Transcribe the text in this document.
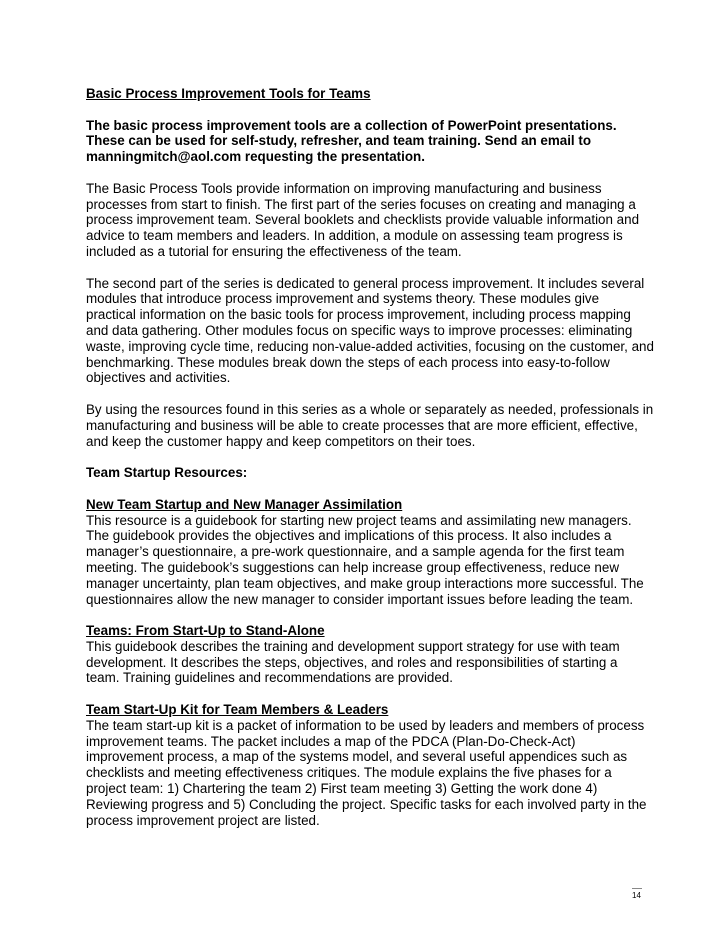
Basic Process Improvement Tools for Teams

The basic process improvement tools are a collection of PowerPoint presentations.
These can be used for self-study, refresher, and team training. Send an email to
manningmitch@aol.com requesting the presentation.

The Basic Process Tools provide information on improving manufacturing and business
processes from start to finish. The first part of the series focuses on creating and managing a
process improvement team. Several booklets and checklists provide valuable information and
advice to team members and leaders. In addition, a module on assessing team progress is
included as a tutorial for ensuring the effectiveness of the team.

The second part of the series is dedicated to general process improvement. It includes several
modules that introduce process improvement and systems theory. These modules give
practical information on the basic tools for process improvement, including process mapping
and data gathering. Other modules focus on specific ways to improve processes: eliminating
waste, improving cycle time, reducing non-value-added activities, focusing on the customer, and
benchmarking. These modules break down the steps of each process into easy-to-follow
objectives and activities.

By using the resources found in this series as a whole or separately as needed, professionals in
manufacturing and business will be able to create processes that are more efficient, effective,
and keep the customer happy and keep competitors on their toes.

Team Startup Resources:

New Team Startup and New Manager Assimilation
This resource is a guidebook for starting new project teams and assimilating new managers.
The guidebook provides the objectives and implications of this process. It also includes a
manager’s questionnaire, a pre-work questionnaire, and a sample agenda for the first team
meeting. The guidebook’s suggestions can help increase group effectiveness, reduce new
manager uncertainty, plan team objectives, and make group interactions more successful. The
questionnaires allow the new manager to consider important issues before leading the team.
Teams: From Start-Up to Stand-Alone
This guidebook describes the training and development support strategy for use with team
development. It describes the steps, objectives, and roles and responsibilities of starting a
team. Training guidelines and recommendations are provided.
Team Start-Up Kit for Team Members & Leaders
The team start-up kit is a packet of information to be used by leaders and members of process
improvement teams. The packet includes a map of the PDCA (Plan-Do-Check-Act)
improvement process, a map of the systems model, and several useful appendices such as
checklists and meeting effectiveness critiques. The module explains the five phases for a
project team: 1) Chartering the team 2) First team meeting 3) Getting the work done 4)
Reviewing progress and 5) Concluding the project. Specific tasks for each involved party in the
process improvement project are listed.
14
